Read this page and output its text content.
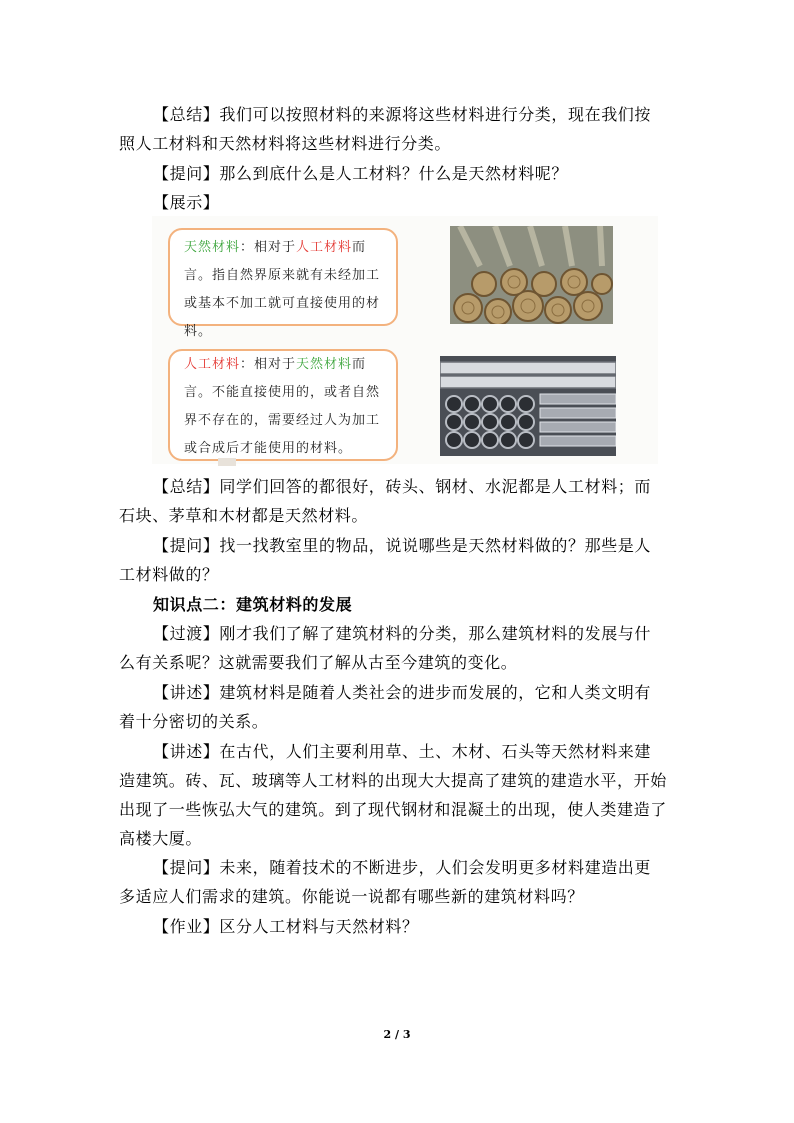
【总结】我们可以按照材料的来源将这些材料进行分类，现在我们按照人工材料和天然材料将这些材料进行分类。

【提问】那么到底什么是人工材料？什么是天然材料呢？

【展示】

天然材料：相对于人工材料而言。指自然界原来就有未经加工或基本不加工就可直接使用的材料。
人工材料：相对于天然材料而言。不能直接使用的，或者自然界不存在的，需要经过人为加工或合成后才能使用的材料。

【总结】同学们回答的都很好，砖头、钢材、水泥都是人工材料；而石块、茅草和木材都是天然材料。

【提问】找一找教室里的物品，说说哪些是天然材料做的？那些是人工材料做的？

知识点二：建筑材料的发展

【过渡】刚才我们了解了建筑材料的分类，那么建筑材料的发展与什么有关系呢？这就需要我们了解从古至今建筑的变化。

【讲述】建筑材料是随着人类社会的进步而发展的，它和人类文明有着十分密切的关系。

【讲述】在古代，人们主要利用草、土、木材、石头等天然材料来建造建筑。砖、瓦、玻璃等人工材料的出现大大提高了建筑的建造水平，开始出现了一些恢弘大气的建筑。到了现代钢材和混凝土的出现，使人类建造了高楼大厦。

【提问】未来，随着技术的不断进步，人们会发明更多材料建造出更多适应人们需求的建筑。你能说一说都有哪些新的建筑材料吗？

【作业】区分人工材料与天然材料？

2 / 3
